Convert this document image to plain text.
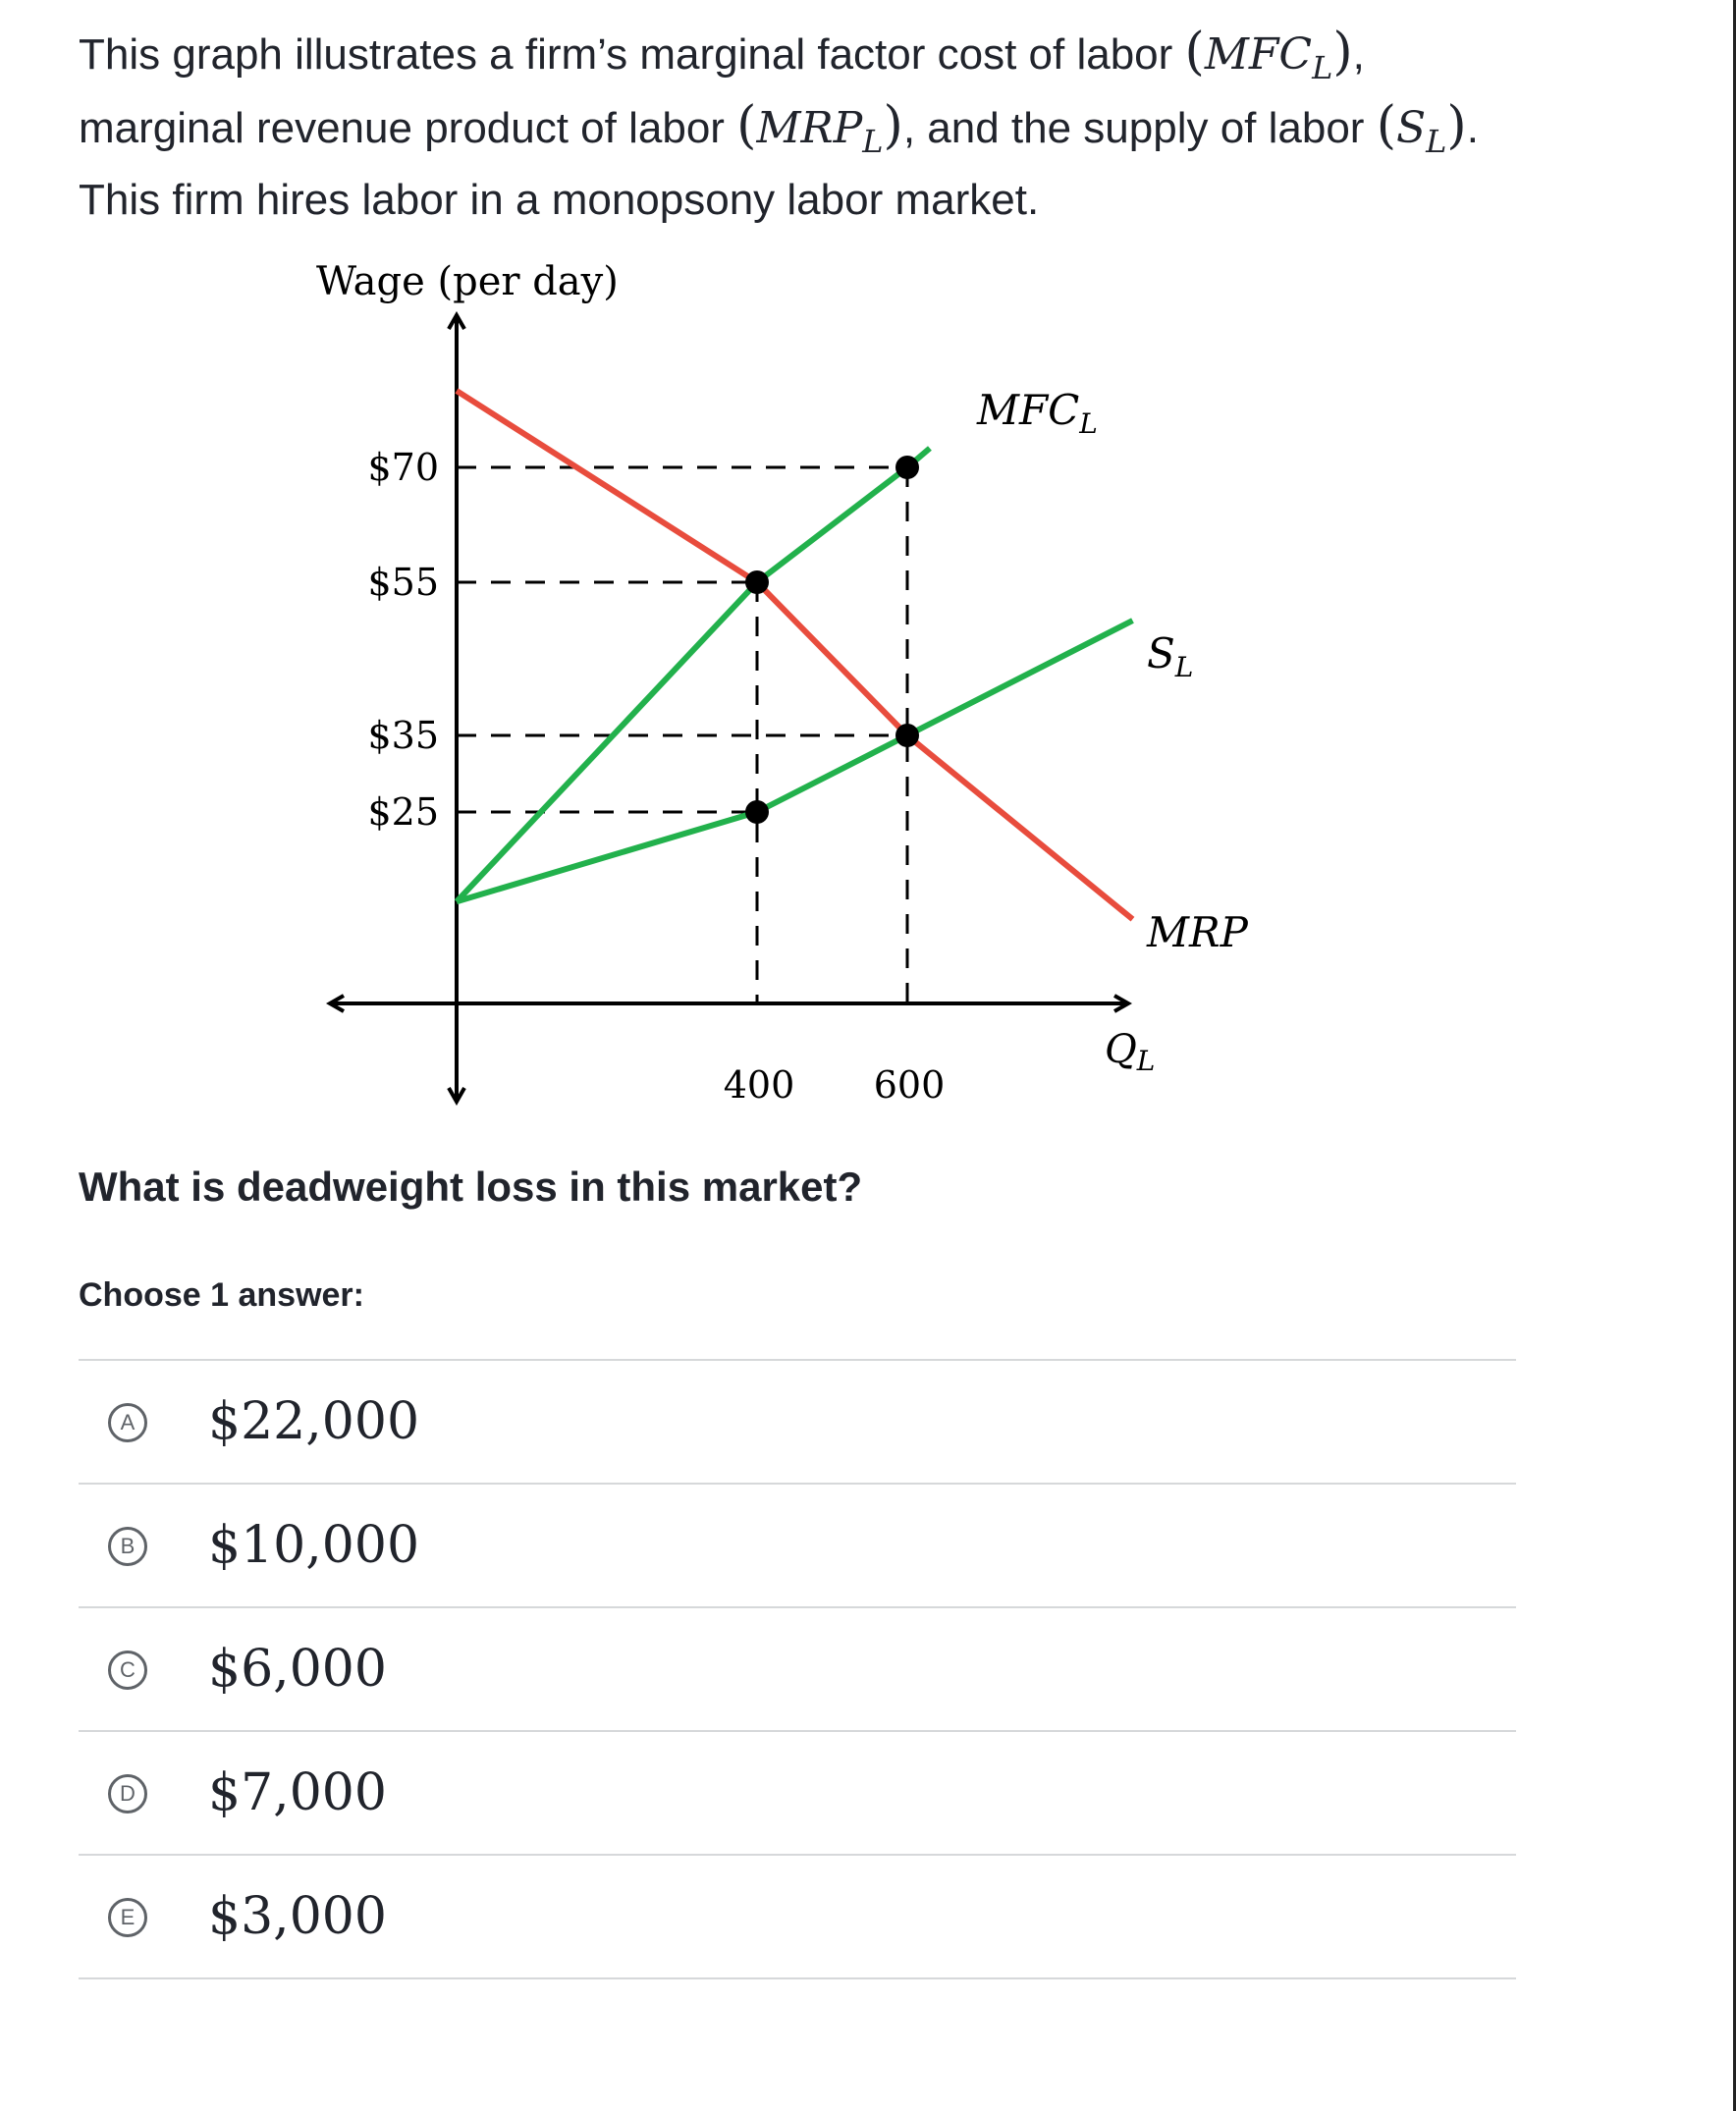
This graph illustrates a firm’s marginal factor cost of labor $(MFC_L)$,
marginal revenue product of labor $(MRP_L)$, and the supply of labor $(S_L)$.
This firm hires labor in a monopsony labor market.
Wage (per day)
$70
$55
$35
$25
400 600
$Q_L$
$MFC_L$
$S_L$
MRP
What is deadweight loss in this market?
Choose 1 answer:
A $22,000
B $10,000
C $6,000
D $7,000
E $3,000
